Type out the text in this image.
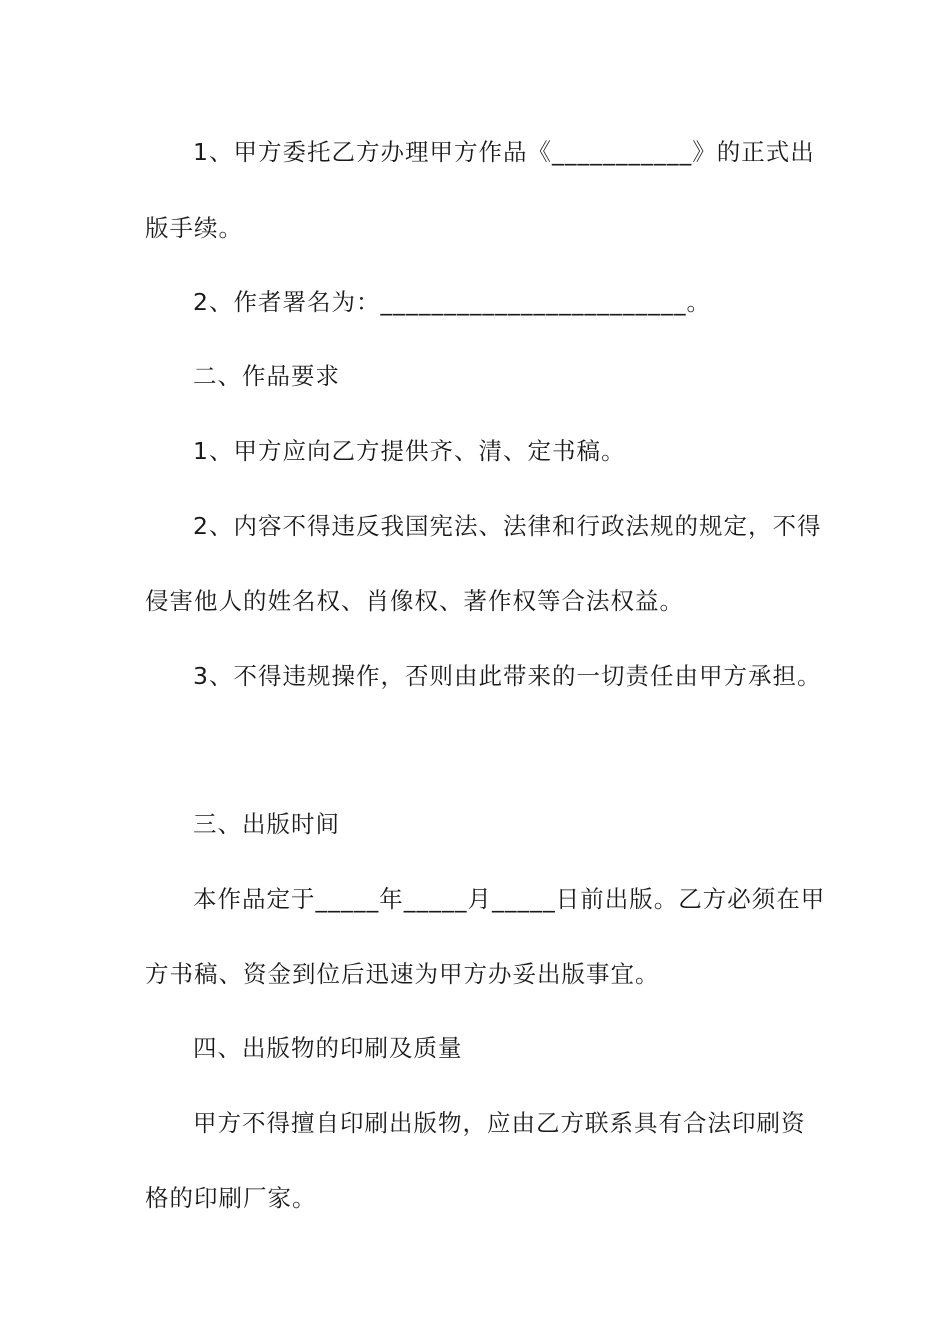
1、甲方委托乙方办理甲方作品《___________》的正式出

版手续。

2、作者署名为：________________________。

二、作品要求

1、甲方应向乙方提供齐、清、定书稿。

2、内容不得违反我国宪法、法律和行政法规的规定，不得

侵害他人的姓名权、肖像权、著作权等合法权益。

3、不得违规操作，否则由此带来的一切责任由甲方承担。

三、出版时间

本作品定于_____年_____月_____日前出版。乙方必须在甲

方书稿、资金到位后迅速为甲方办妥出版事宜。

四、出版物的印刷及质量

甲方不得擅自印刷出版物，应由乙方联系具有合法印刷资

格的印刷厂家。
